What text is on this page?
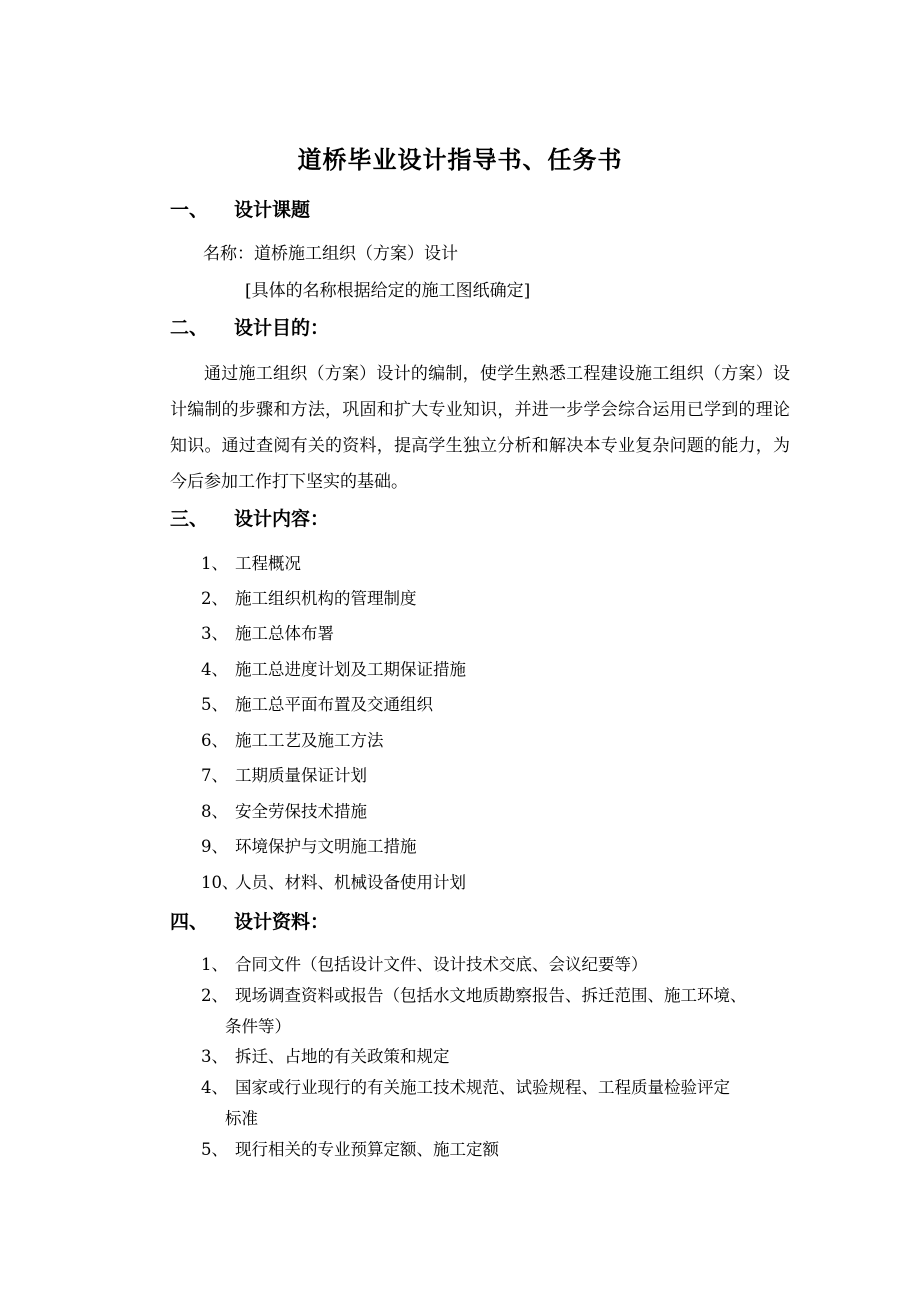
道桥毕业设计指导书、任务书
一、 设计课题
名称：道桥施工组织（方案）设计
[具体的名称根据给定的施工图纸确定]
二、 设计目的：
通过施工组织（方案）设计的编制，使学生熟悉工程建设施工组织（方案）设计编制的步骤和方法，巩固和扩大专业知识，并进一步学会综合运用已学到的理论知识。通过查阅有关的资料，提高学生独立分析和解决本专业复杂问题的能力，为今后参加工作打下坚实的基础。
三、 设计内容：
1、 工程概况
2、 施工组织机构的管理制度
3、 施工总体布署
4、 施工总进度计划及工期保证措施
5、 施工总平面布置及交通组织
6、 施工工艺及施工方法
7、 工期质量保证计划
8、 安全劳保技术措施
9、 环境保护与文明施工措施
10、人员、材料、机械设备使用计划
四、 设计资料：
1、 合同文件（包括设计文件、设计技术交底、会议纪要等）
2、 现场调查资料或报告（包括水文地质勘察报告、拆迁范围、施工环境、
条件等）
3、 拆迁、占地的有关政策和规定
4、 国家或行业现行的有关施工技术规范、试验规程、工程质量检验评定
标准
5、 现行相关的专业预算定额、施工定额
